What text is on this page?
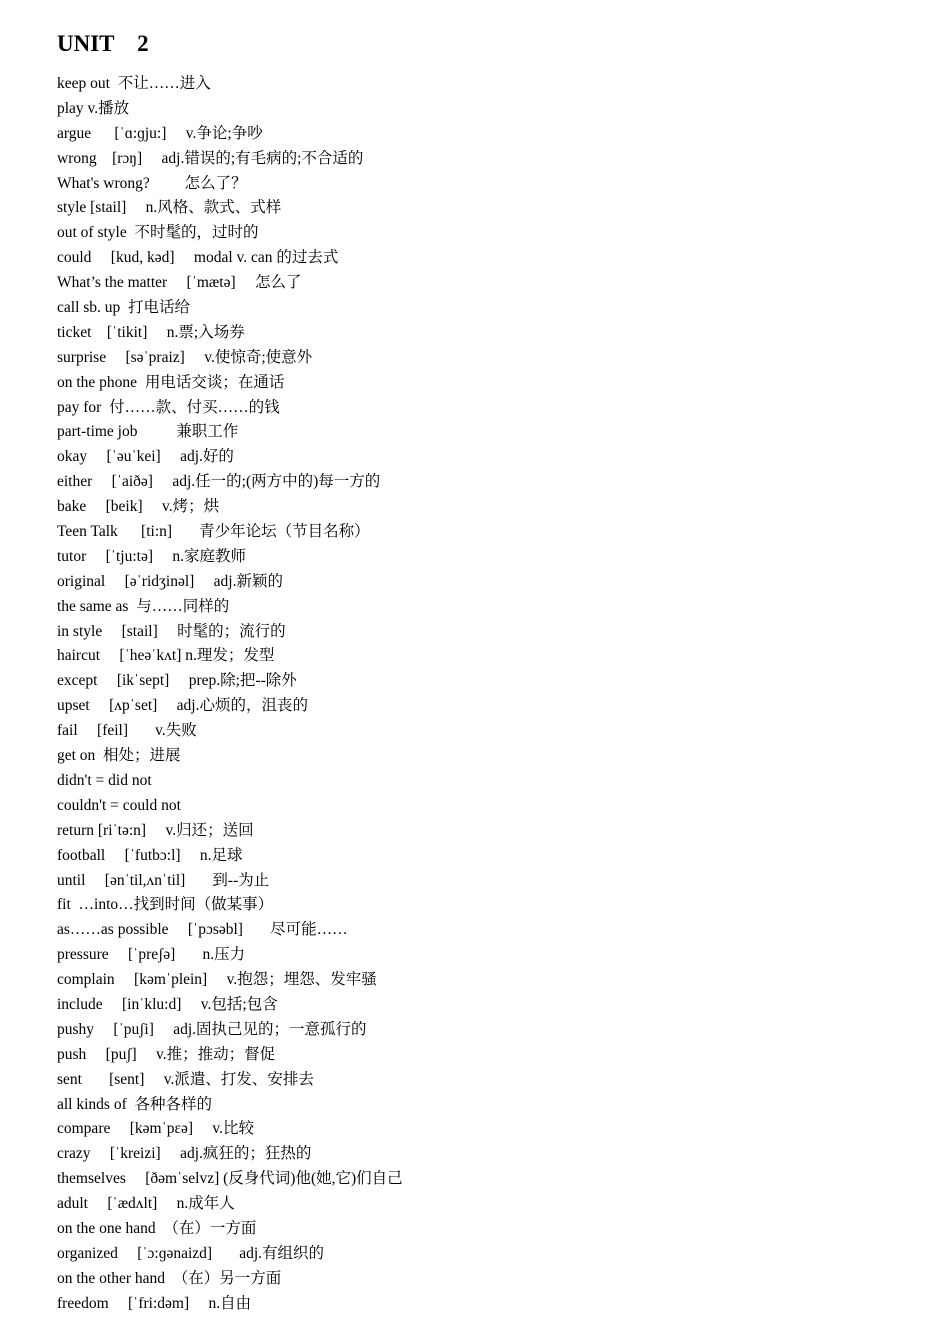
UNIT    2
keep out  不让……进入
play v.播放
argue      [ˈɑ:ɡju:]     v.争论;争吵
wrong    [rɔŋ]     adj.错误的;有毛病的;不合适的
What's wrong?         怎么了？
style [stail]     n.风格、款式、式样
out of style  不时髦的，过时的
could     [kud, kəd]     modal v. can 的过去式
What’s the matter     [ˈmætə]     怎么了
call sb. up  打电话给
ticket    [ˈtikit]     n.票;入场券
surprise     [səˈpraiz]     v.使惊奇;使意外
on the phone  用电话交谈；在通话
pay for  付……款、付买……的钱
part-time job          兼职工作
okay     [ˈəuˈkei]     adj.好的
either     [ˈaiðə]     adj.任一的;(两方中的)每一方的
bake     [beik]     v.烤；烘
Teen Talk      [ti:n]       青少年论坛（节目名称）
tutor     [ˈtju:tə]     n.家庭教师
original     [əˈridʒinəl]     adj.新颖的
the same as  与……同样的
in style     [stail]     时髦的；流行的
haircut     [ˈheəˈkʌt] n.理发；发型
except     [ikˈsept]     prep.除;把--除外
upset     [ʌpˈset]     adj.心烦的，沮丧的
fail     [feil]       v.失败
get on  相处；进展
didn't = did not
couldn't = could not
return [riˈtə:n]     v.归还；送回
football     [ˈfutbɔ:l]     n.足球
until     [ənˈtil,ʌnˈtil]       到--为止
fit  …into…找到时间（做某事）
as……as possible     [ˈpɔsəbl]       尽可能……
pressure     [ˈpreʃə]       n.压力
complain     [kəmˈplein]     v.抱怨；埋怨、发牢骚
include     [inˈklu:d]     v.包括;包含
pushy     [ˈpuʃi]     adj.固执己见的；一意孤行的
push     [puʃ]     v.推；推动；督促
sent       [sent]     v.派遣、打发、安排去
all kinds of  各种各样的
compare     [kəmˈpɛə]     v.比较
crazy     [ˈkreizi]     adj.疯狂的；狂热的
themselves     [ðəmˈselvz] (反身代词)他(她,它)们自己
adult     [ˈædʌlt]     n.成年人
on the one hand  （在）一方面
organized     [ˈɔ:ɡənaizd]       adj.有组织的
on the other hand  （在）另一方面
freedom     [ˈfri:dəm]     n.自由
